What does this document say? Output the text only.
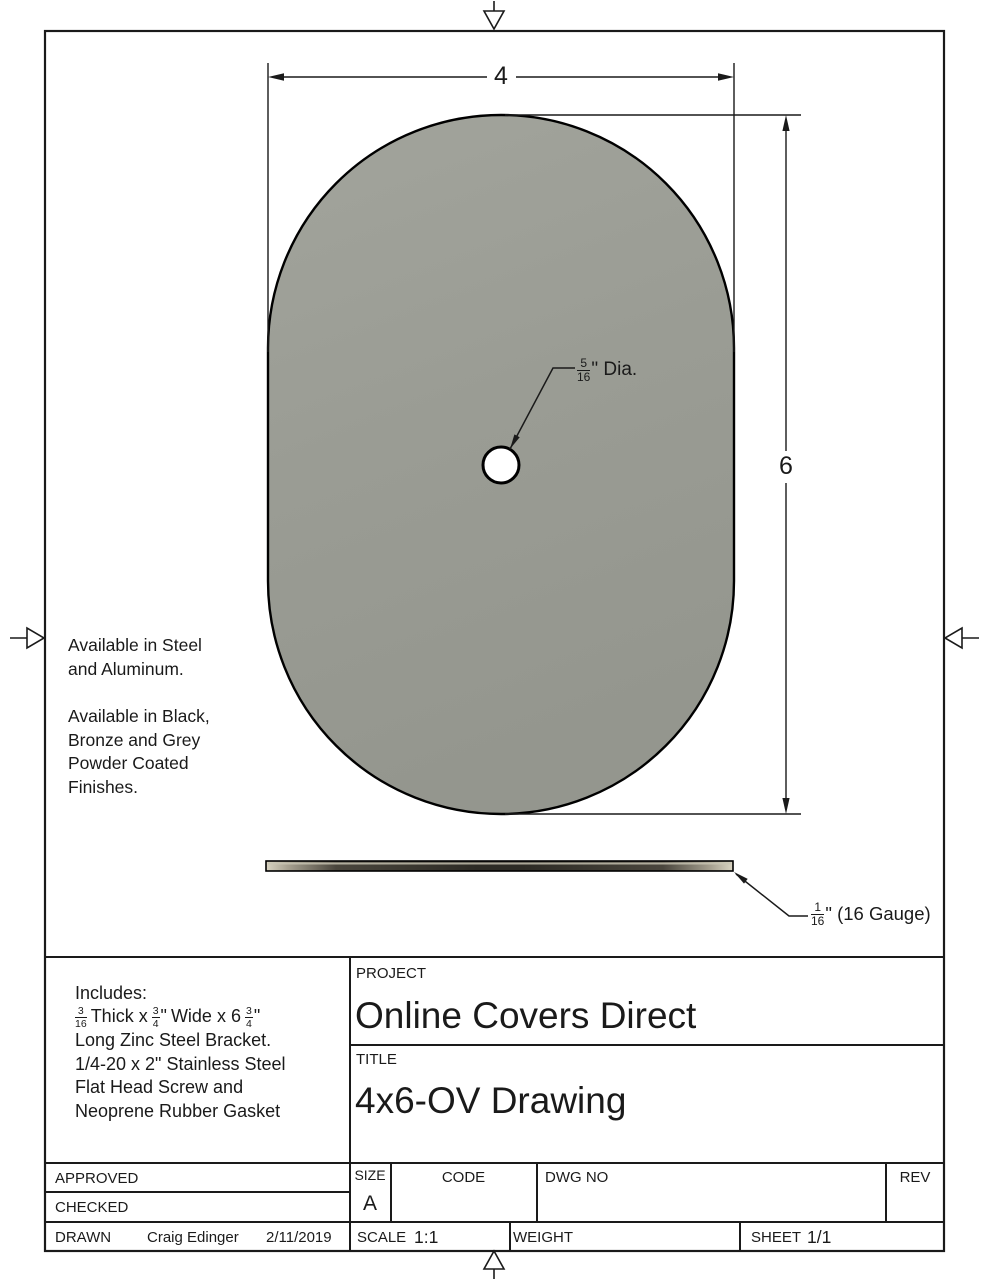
4
6
$\frac{5}{16}$ " Dia.
$\frac{1}{16}$ " (16 Gauge)
Available in Steel
and Aluminum.
Available in Black,
Bronze and Grey
Powder Coated
Finishes.
Includes:
$\frac{3}{16}$ Thick x $\frac{3}{4}$ " Wide x $6 \frac{3}{4}$ "
Long Zinc Steel Bracket.
1/4-20 x 2" Stainless Steel
Flat Head Screw and
Neoprene Rubber Gasket
PROJECT
Online Covers Direct
TITLE
4x6-OV Drawing
APPROVED
CHECKED
DRAWN Craig Edinger 2/11/2019
SIZE
A
CODE	DWG NO	REV
SCALE 1:1	WEIGHT	SHEET 1/1
